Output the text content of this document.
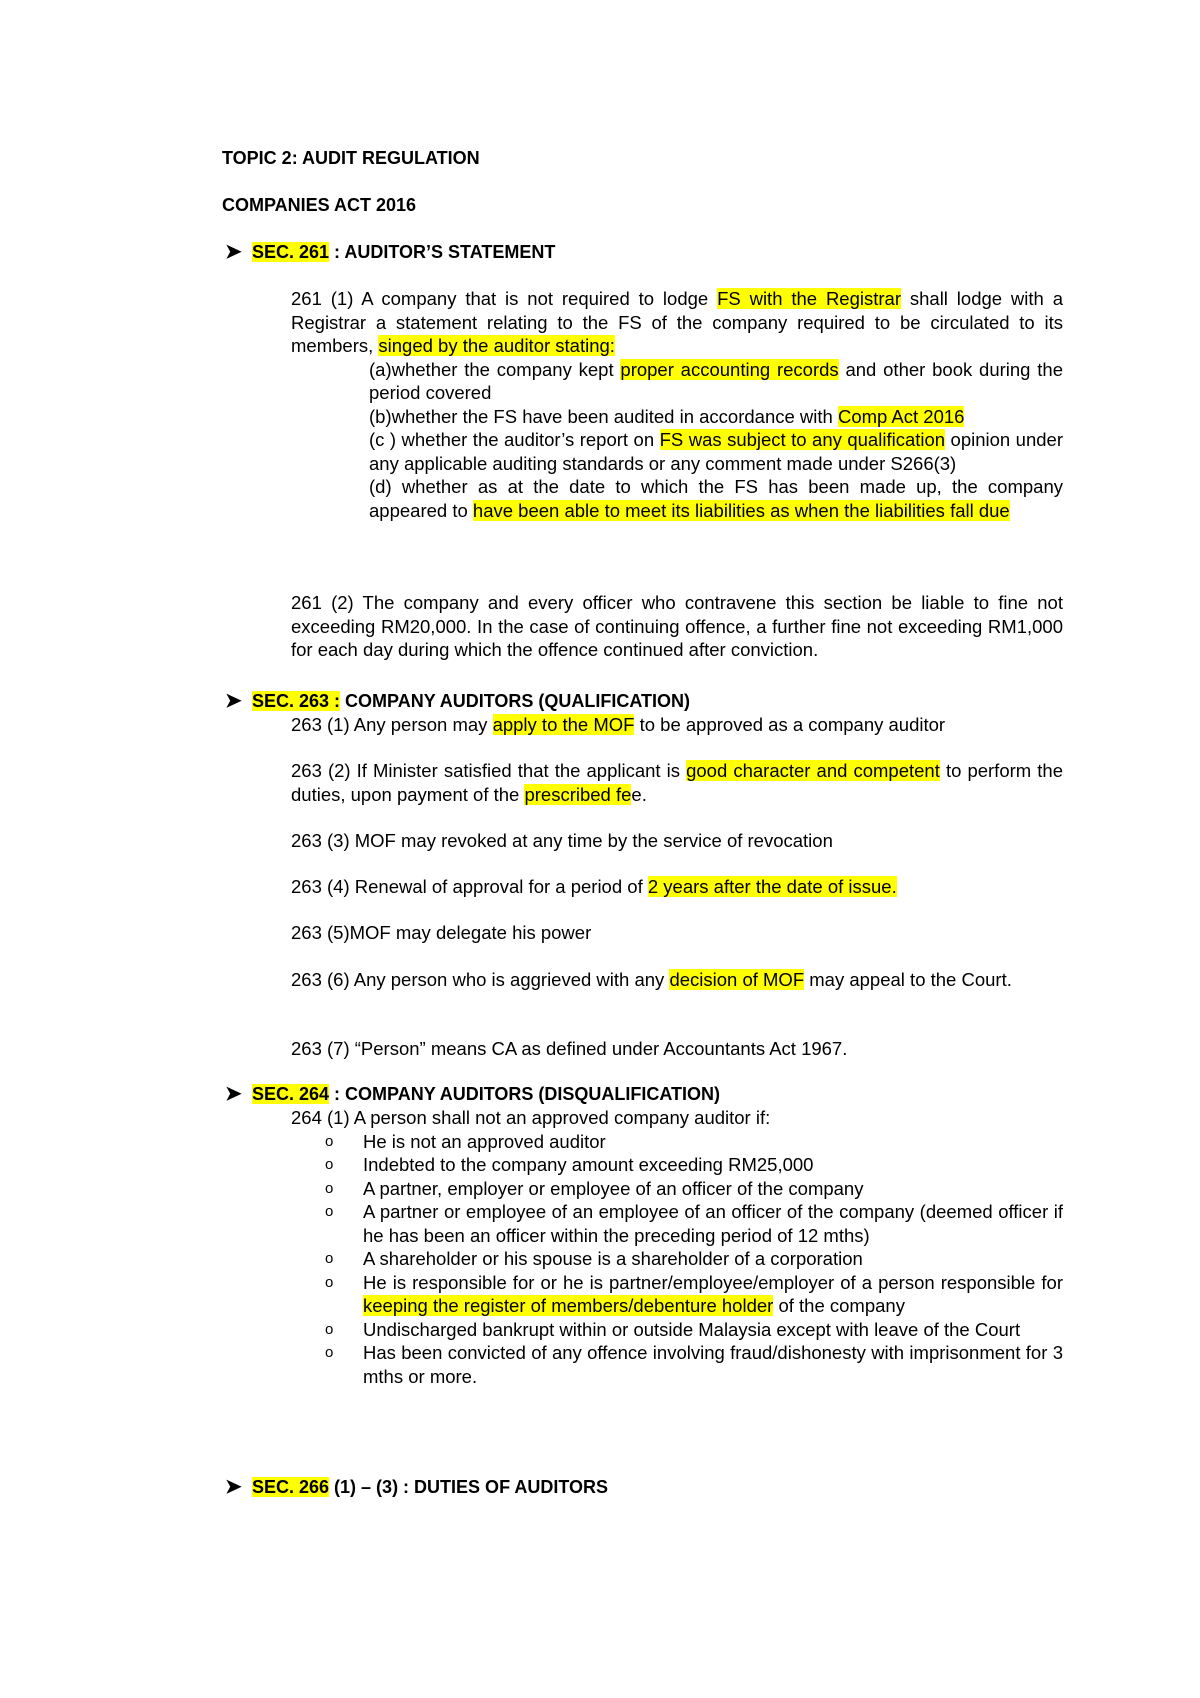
TOPIC 2: AUDIT REGULATION
COMPANIES ACT 2016
➤ SEC. 261 : AUDITOR’S STATEMENT

261 (1) A company that is not required to lodge FS with the Registrar shall lodge with a Registrar a statement relating to the FS of the company required to be circulated to its members, singed by the auditor stating:

(a)whether the company kept proper accounting records and other book during the period covered

(b)whether the FS have been audited in accordance with Comp Act 2016

(c ) whether the auditor’s report on FS was subject to any qualification opinion under any applicable auditing standards or any comment made under S266(3)

(d) whether as at the date to which the FS has been made up, the company appeared to have been able to meet its liabilities as when the liabilities fall due

261 (2) The company and every officer who contravene this section be liable to fine not exceeding RM20,000. In the case of continuing offence, a further fine not exceeding RM1,000 for each day during which the offence continued after conviction.

➤ SEC. 263 : COMPANY AUDITORS (QUALIFICATION)

263 (1) Any person may apply to the MOF to be approved as a company auditor

263 (2) If Minister satisfied that the applicant is good character and competent to perform the duties, upon payment of the prescribed fee.

263 (3) MOF may revoked at any time by the service of revocation

263 (4) Renewal of approval for a period of 2 years after the date of issue.

263 (5)MOF may delegate his power

263 (6) Any person who is aggrieved with any decision of MOF may appeal to the Court.

263 (7) “Person” means CA as defined under Accountants Act 1967.

➤ SEC. 264 : COMPANY AUDITORS (DISQUALIFICATION)

264 (1) A person shall not an approved company auditor if:

o He is not an approved auditor

o Indebted to the company amount exceeding RM25,000

o A partner, employer or employee of an officer of the company

o A partner or employee of an employee of an officer of the company (deemed officer if he has been an officer within the preceding period of 12 mths)

o A shareholder or his spouse is a shareholder of a corporation

o He is responsible for or he is partner/employee/employer of a person responsible for keeping the register of members/debenture holder of the company

o Undischarged bankrupt within or outside Malaysia except with leave of the Court

o Has been convicted of any offence involving fraud/dishonesty with imprisonment for 3 mths or more.

➤ SEC. 266 (1) – (3) : DUTIES OF AUDITORS
